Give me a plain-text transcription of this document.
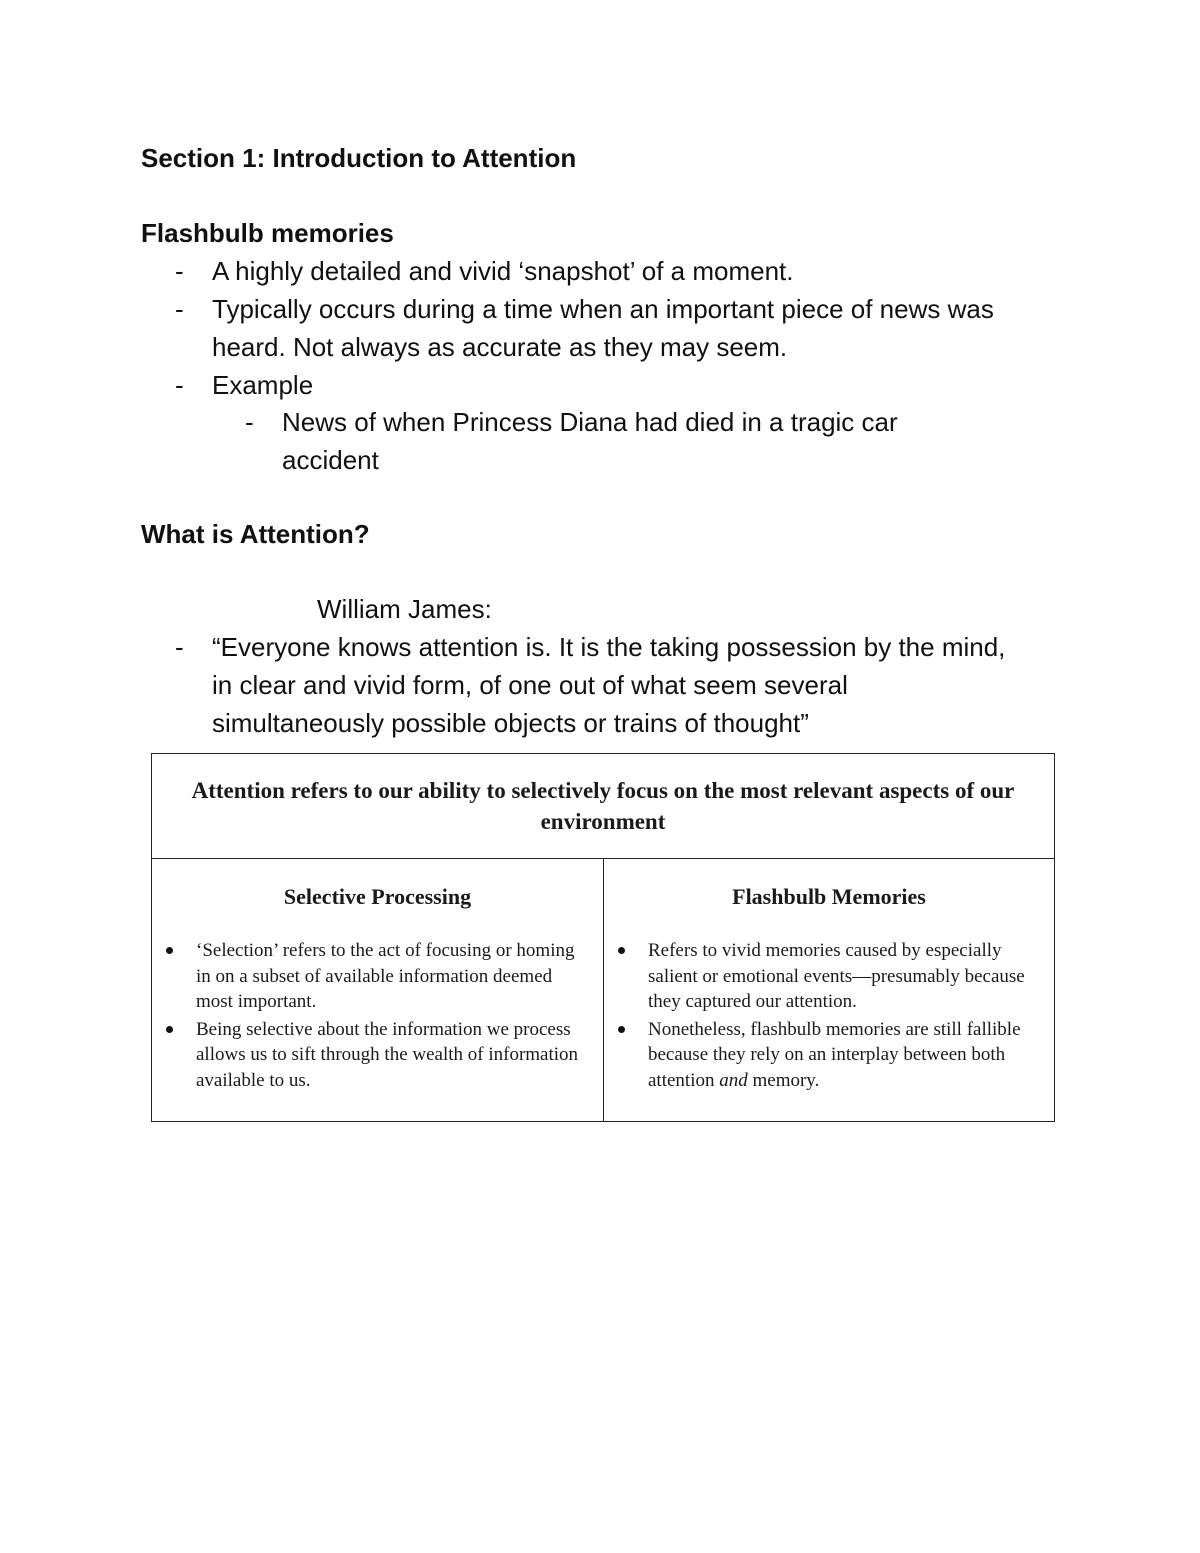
Section 1: Introduction to Attention
Flashbulb memories
- A highly detailed and vivid ‘snapshot’ of a moment.
- Typically occurs during a time when an important piece of news was heard. Not always as accurate as they may seem.
- Example
- News of when Princess Diana had died in a tragic car accident
What is Attention?

William James:

- “Everyone knows attention is. It is the taking possession by the mind, in clear and vivid form, of one out of what seem several simultaneously possible objects or trains of thought”

Attention refers to our ability to selectively focus on the most relevant aspects of our environment

Selective Processing
‘Selection’ refers to the act of focusing or homing in on a subset of available information deemed most important.
Being selective about the information we process allows us to sift through the wealth of information available to us.
Flashbulb Memories
Refers to vivid memories caused by especially salient or emotional events—presumably because they captured our attention.
Nonetheless, flashbulb memories are still fallible because they rely on an interplay between both attention and memory.
